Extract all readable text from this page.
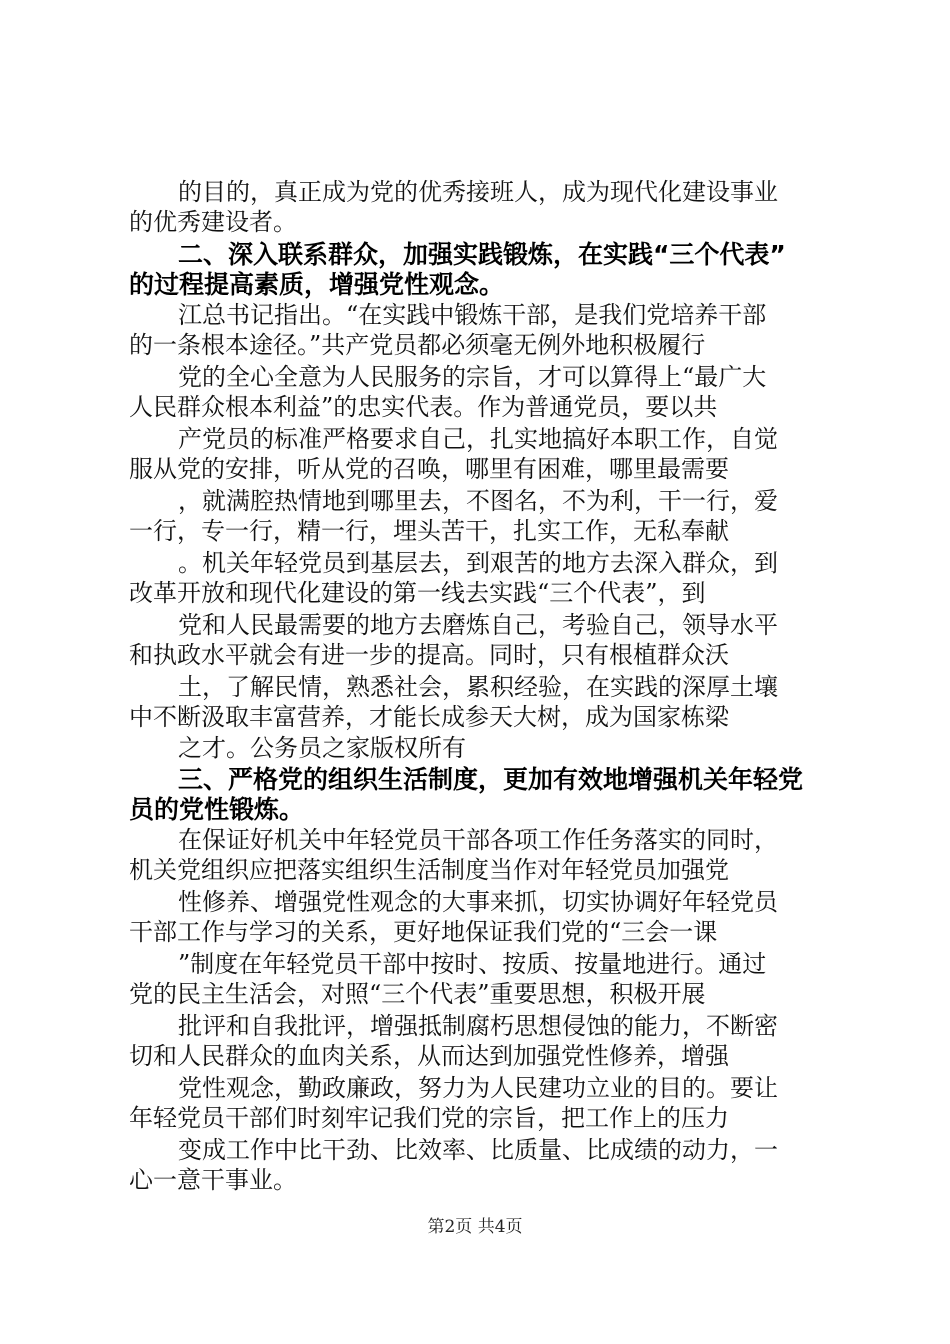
的目的，真正成为党的优秀接班人，成为现代化建设事业
的优秀建设者。
二、深入联系群众，加强实践锻炼，在实践“三个代表”
的过程提高素质，增强党性观念。
江总书记指出。“在实践中锻炼干部，是我们党培养干部
的一条根本途径。”共产党员都必须毫无例外地积极履行
党的全心全意为人民服务的宗旨，才可以算得上“最广大
人民群众根本利益”的忠实代表。作为普通党员，要以共
产党员的标准严格要求自己，扎实地搞好本职工作，自觉
服从党的安排，听从党的召唤，哪里有困难，哪里最需要
，就满腔热情地到哪里去，不图名，不为利，干一行，爱
一行，专一行，精一行，埋头苦干，扎实工作，无私奉献
。机关年轻党员到基层去，到艰苦的地方去深入群众，到
改革开放和现代化建设的第一线去实践“三个代表”，到
党和人民最需要的地方去磨炼自己，考验自己，领导水平
和执政水平就会有进一步的提高。同时，只有根植群众沃
土，了解民情，熟悉社会，累积经验，在实践的深厚土壤
中不断汲取丰富营养，才能长成参天大树，成为国家栋梁
之才。公务员之家版权所有
三、严格党的组织生活制度，更加有效地增强机关年轻党
员的党性锻炼。
在保证好机关中年轻党员干部各项工作任务落实的同时，
机关党组织应把落实组织生活制度当作对年轻党员加强党
性修养、增强党性观念的大事来抓，切实协调好年轻党员
干部工作与学习的关系，更好地保证我们党的“三会一课
”制度在年轻党员干部中按时、按质、按量地进行。通过
党的民主生活会，对照“三个代表”重要思想，积极开展
批评和自我批评，增强抵制腐朽思想侵蚀的能力，不断密
切和人民群众的血肉关系，从而达到加强党性修养，增强
党性观念，勤政廉政，努力为人民建功立业的目的。要让
年轻党员干部们时刻牢记我们党的宗旨，把工作上的压力
变成工作中比干劲、比效率、比质量、比成绩的动力，一
心一意干事业。
第2页 共4页
